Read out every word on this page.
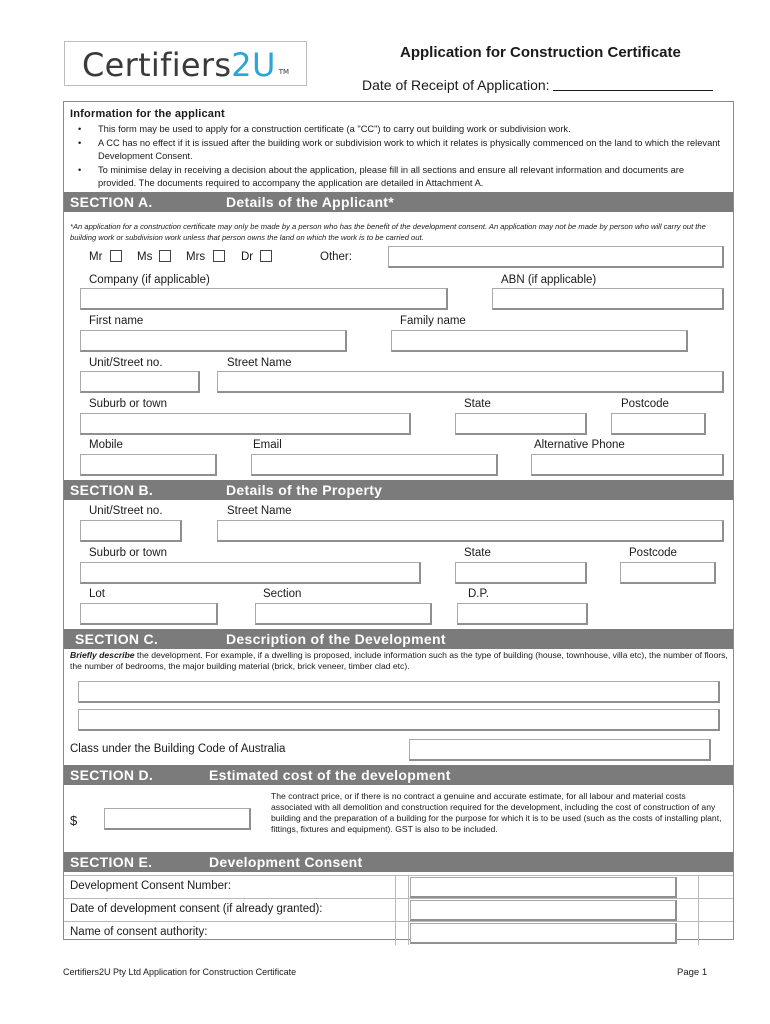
Certifiers2U TM
Application for Construction Certificate
Date of Receipt of Application:
Information for the applicant
• This form may be used to apply for a construction certificate (a "CC") to carry out building work or subdivision work.
• A CC has no effect if it is issued after the building work or subdivision work to which it relates is physically commenced on the land to which the relevant Development Consent.
• To minimise delay in receiving a decision about the application, please fill in all sections and ensure all relevant information and documents are provided. The documents required to accompany the application are detailed in Attachment A.
SECTION A.	Details of the Applicant*
*An application for a construction certificate may only be made by a person who has the benefit of the development consent. An application may not be made by person who will carry out the building work or subdivision work unless that person owns the land on which the work is to be carried out.
Mr	Ms	Mrs	Dr	Other:
Company (if applicable)	ABN (if applicable)
First name	Family name
Unit/Street no.	Street Name
Suburb or town	State	Postcode
Mobile	Email	Alternative Phone
SECTION B.	Details of the Property
Unit/Street no.	Street Name
Suburb or town	State	Postcode
Lot	Section	D.P.
SECTION C.	Description of the Development
Briefly describe the development. For example, if a dwelling is proposed, include information such as the type of building (house, townhouse, villa etc), the number of floors, the number of bedrooms, the major building material (brick, brick veneer, timber clad etc).
Class under the Building Code of Australia
SECTION D.	Estimated cost of the development
$
The contract price, or if there is no contract a genuine and accurate estimate, for all labour and material costs associated with all demolition and construction required for the development, including the cost of construction of any building and the preparation of a building for the purpose for which it is to be used (such as the costs of installing plant, fittings, fixtures and equipment). GST is also to be included.
SECTION E.	Development Consent
Development Consent Number:
Date of development consent (if already granted):
Name of consent authority:
Certifiers2U Pty Ltd Application for Construction Certificate	Page 1
